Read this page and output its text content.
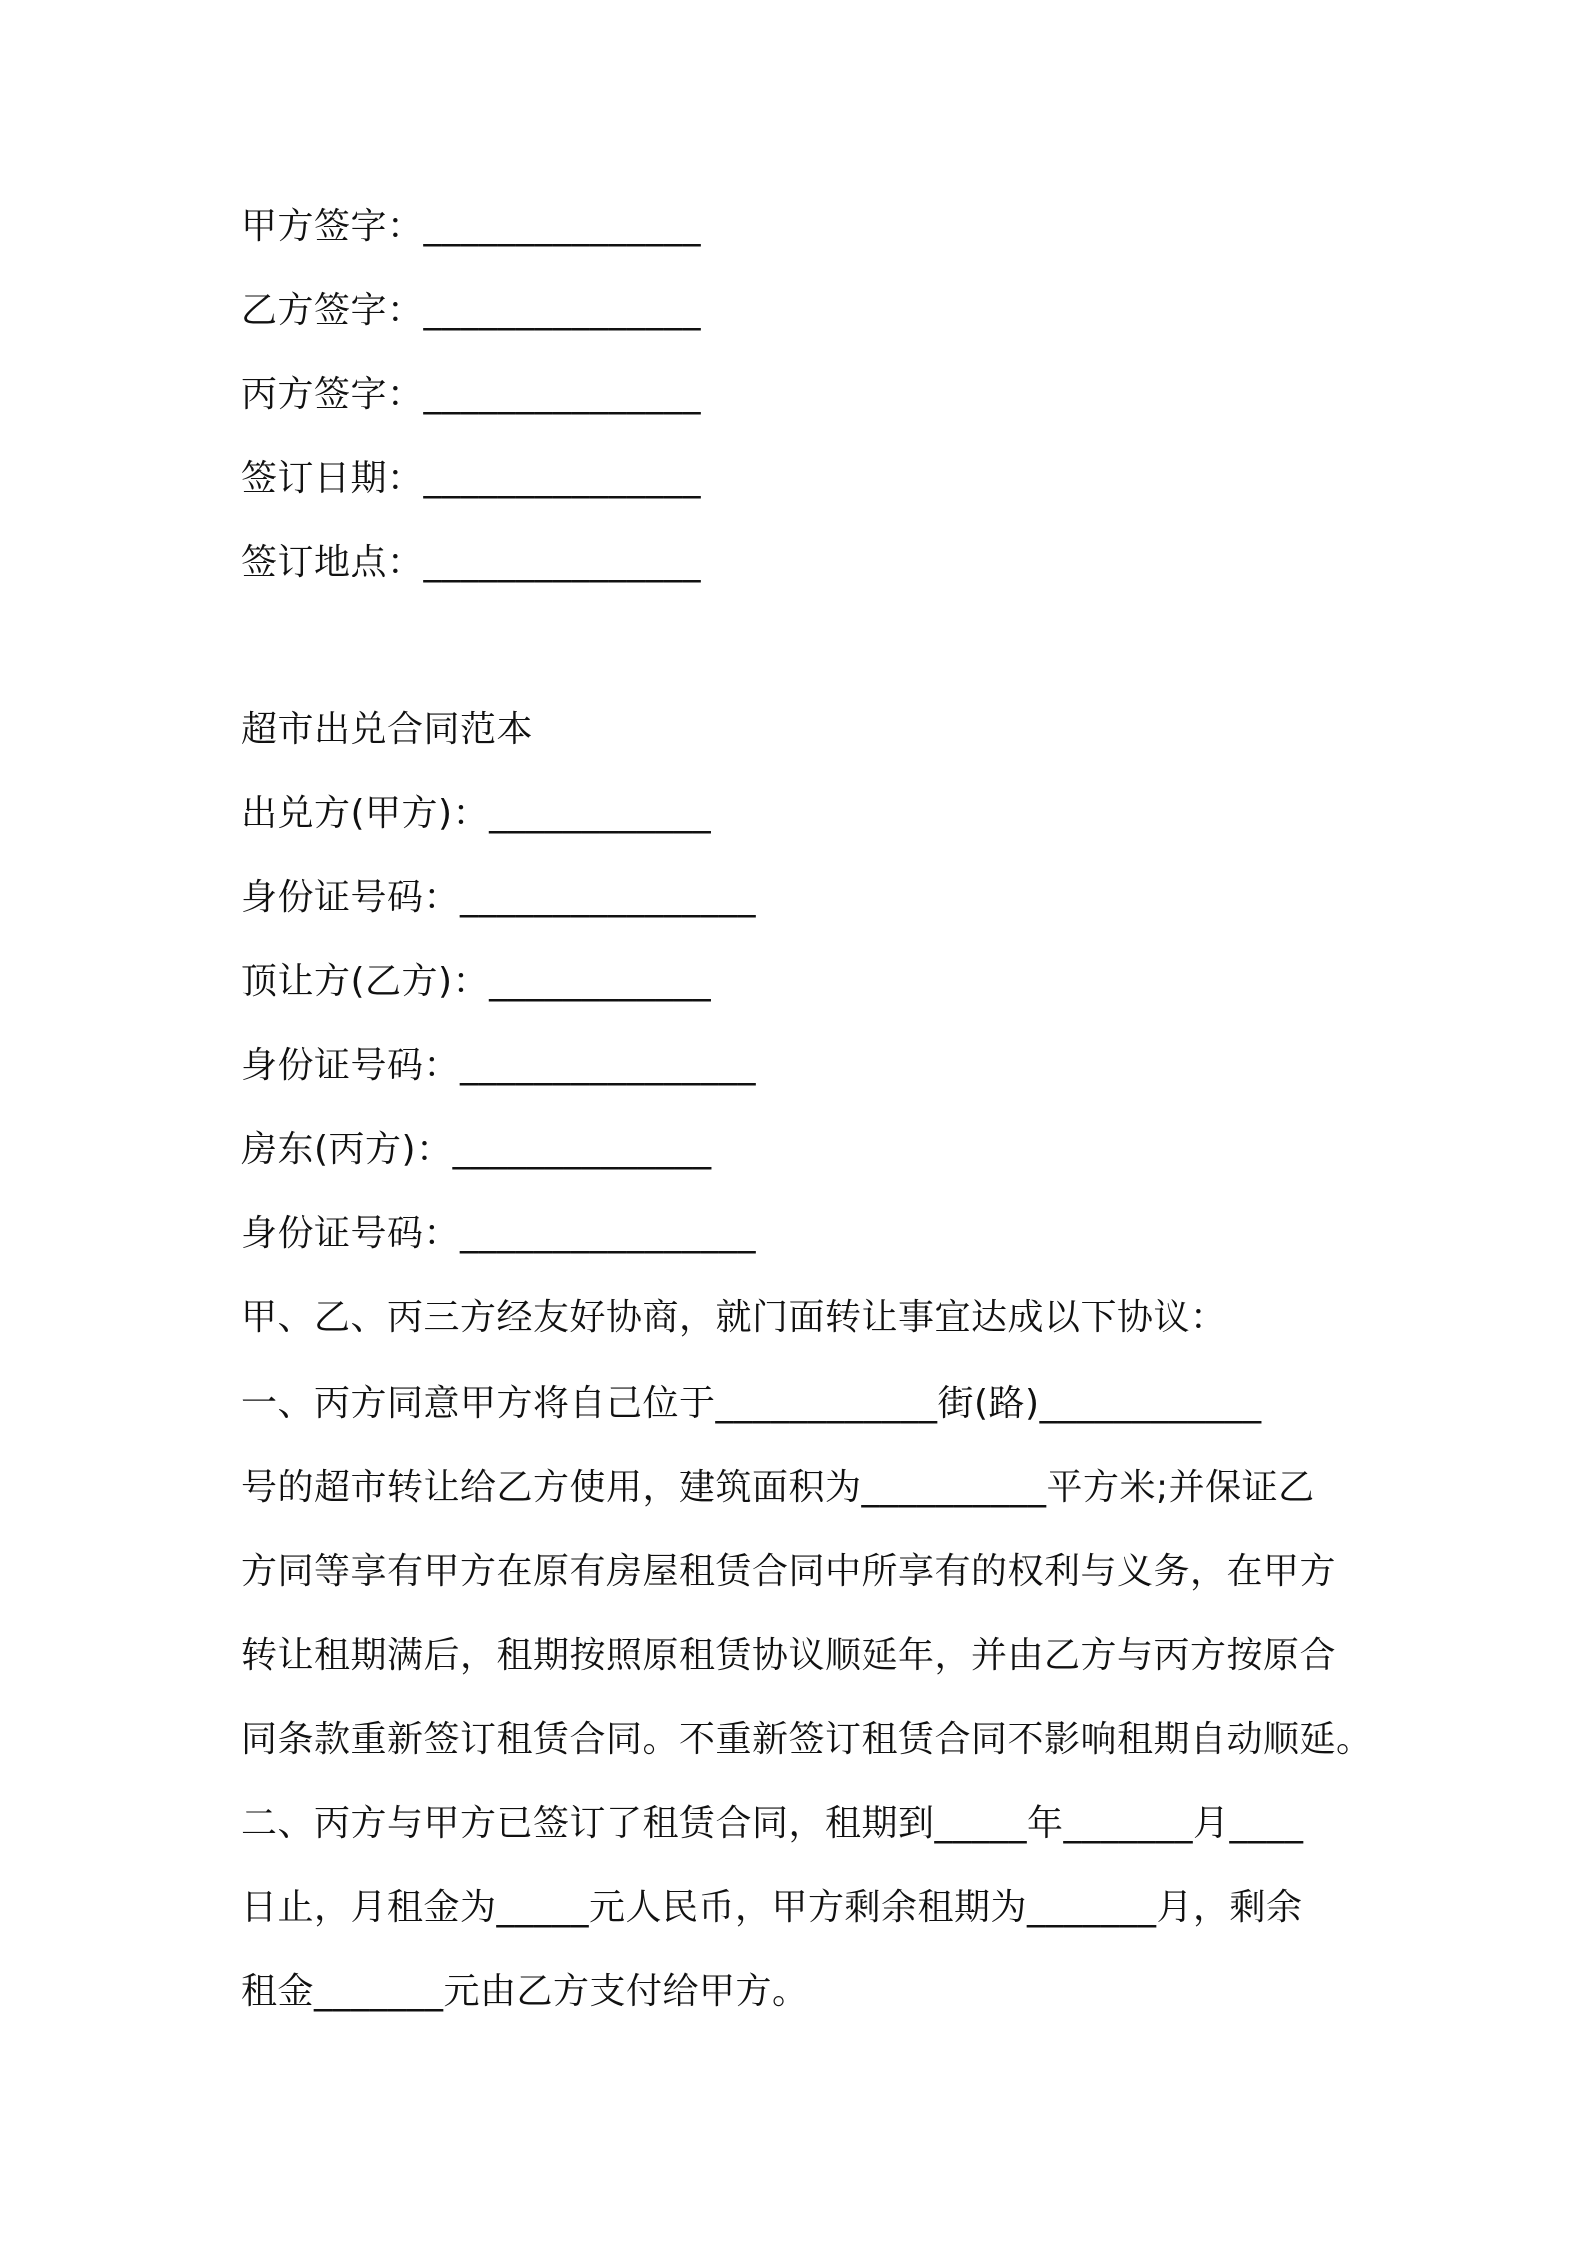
甲方签字：_______________
乙方签字：_______________
丙方签字：_______________
签订日期：_______________
签订地点：_______________
超市出兑合同范本
出兑方(甲方)：____________
身份证号码：________________
顶让方(乙方)：____________
身份证号码：________________
房东(丙方)：______________
身份证号码：________________
甲、乙、丙三方经友好协商，就门面转让事宜达成以下协议：
一、丙方同意甲方将自己位于____________街(路)____________
号的超市转让给乙方使用，建筑面积为__________平方米;并保证乙
方同等享有甲方在原有房屋租赁合同中所享有的权利与义务，在甲方
转让租期满后，租期按照原租赁协议顺延年，并由乙方与丙方按原合
同条款重新签订租赁合同。不重新签订租赁合同不影响租期自动顺延。
二、丙方与甲方已签订了租赁合同，租期到_____年_______月____
日止，月租金为_____元人民币，甲方剩余租期为_______月，剩余
租金_______元由乙方支付给甲方。
